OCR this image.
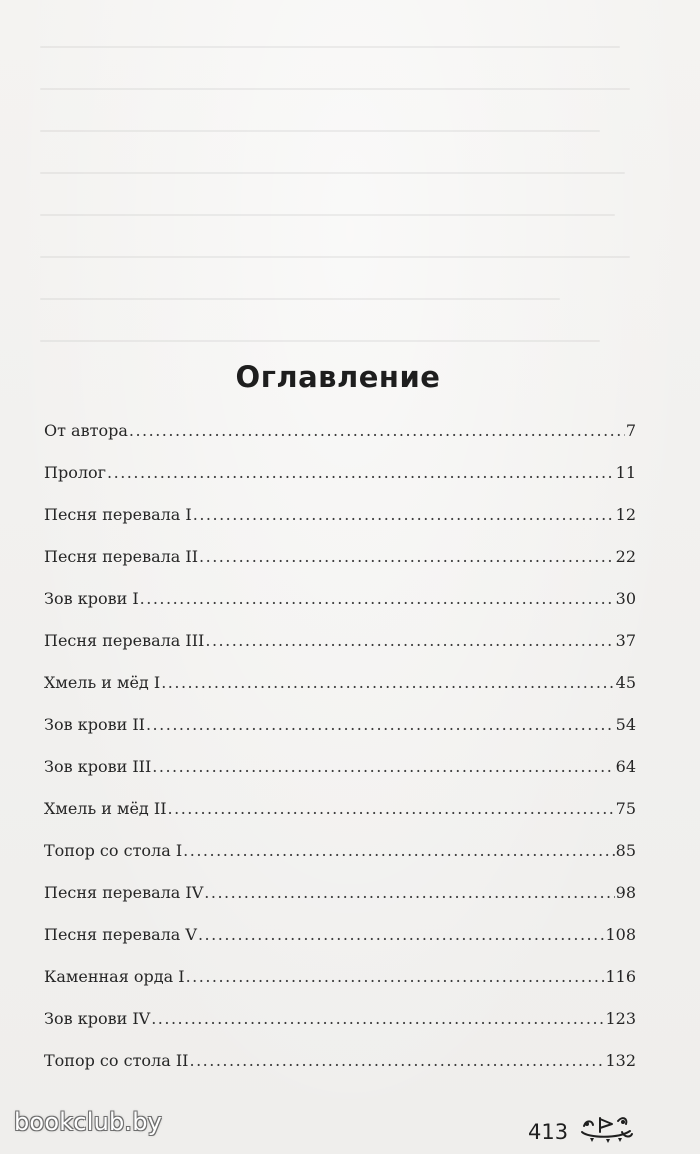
Оглавление
От автора .....	7
Пролог .....	11
Песня перевала I .....	12
Песня перевала II .....	22
Зов крови I .....	30
Песня перевала III .....	37
Хмель и мёд I .....	45
Зов крови II .....	54
Зов крови III .....	64
Хмель и мёд II .....	75
Топор со стола I .....	85
Песня перевала IV .....	98
Песня перевала V .....	108
Каменная орда I .....	116
Зов крови IV .....	123
Топор со стола II .....	132
413
bookclub.by
